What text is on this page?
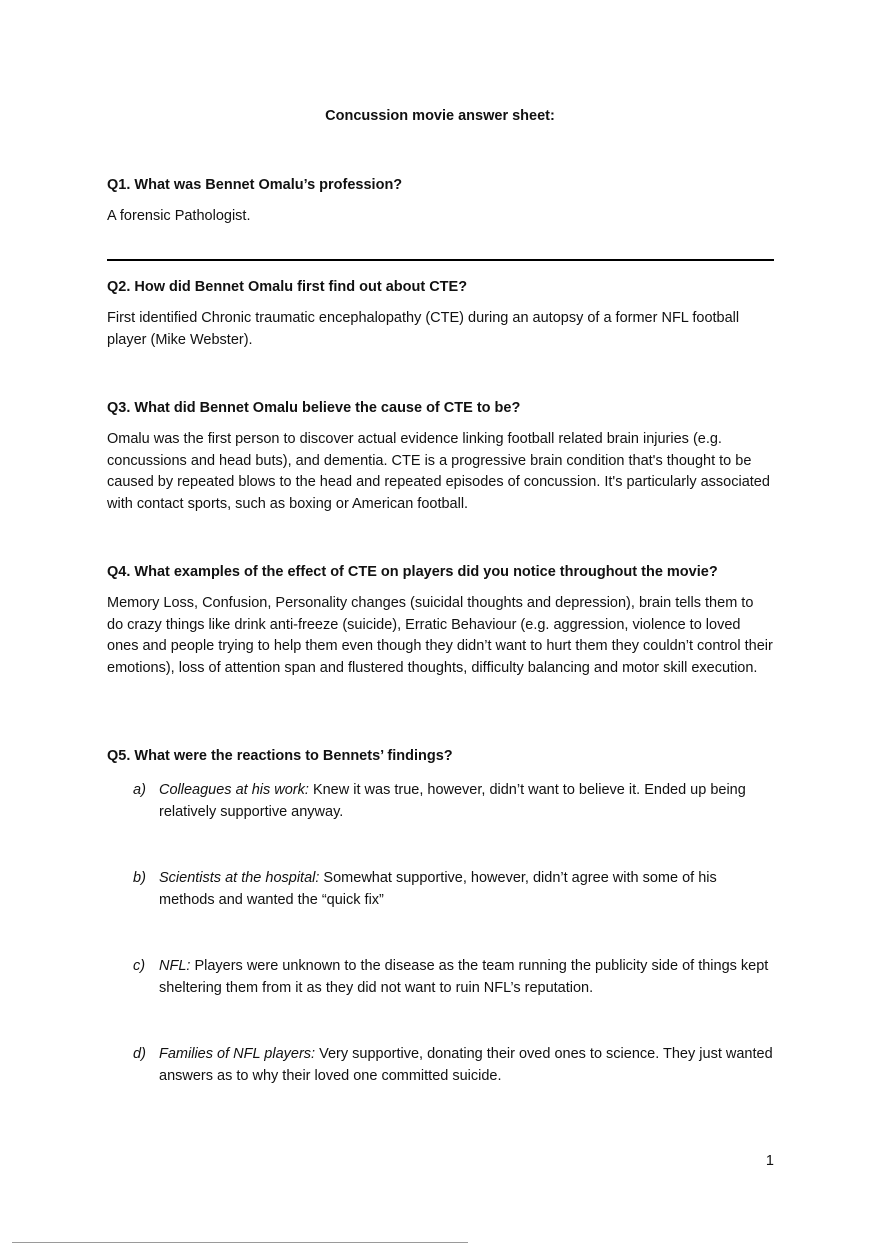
Concussion movie answer sheet:
Q1. What was Bennet Omalu’s profession?
A forensic Pathologist.
Q2. How did Bennet Omalu first find out about CTE?
First identified Chronic traumatic encephalopathy (CTE) during an autopsy of a former NFL football player (Mike Webster).
Q3. What did Bennet Omalu believe the cause of CTE to be?
Omalu was the first person to discover actual evidence linking football related brain injuries (e.g. concussions and head buts), and dementia. CTE is a progressive brain condition that's thought to be caused by repeated blows to the head and repeated episodes of concussion. It's particularly associated with contact sports, such as boxing or American football.
Q4. What examples of the effect of CTE on players did you notice throughout the movie?
Memory Loss, Confusion, Personality changes (suicidal thoughts and depression), brain tells them to do crazy things like drink anti-freeze (suicide), Erratic Behaviour (e.g. aggression, violence to loved ones and people trying to help them even though they didn’t want to hurt them they couldn’t control their emotions), loss of attention span and flustered thoughts, difﬁculty balancing and motor skill execution.
Q5. What were the reactions to Bennets’ findings?
a) Colleagues at his work: Knew it was true, however, didn’t want to believe it. Ended up being relatively supportive anyway.
b) Scientists at the hospital: Somewhat supportive, however, didn’t agree with some of his methods and wanted the “quick fix”
c) NFL: Players were unknown to the disease as the team running the publicity side of things kept sheltering them from it as they did not want to ruin NFL’s reputation.
d) Families of NFL players: Very supportive, donating their oved ones to science. They just wanted answers as to why their loved one committed suicide.
1
